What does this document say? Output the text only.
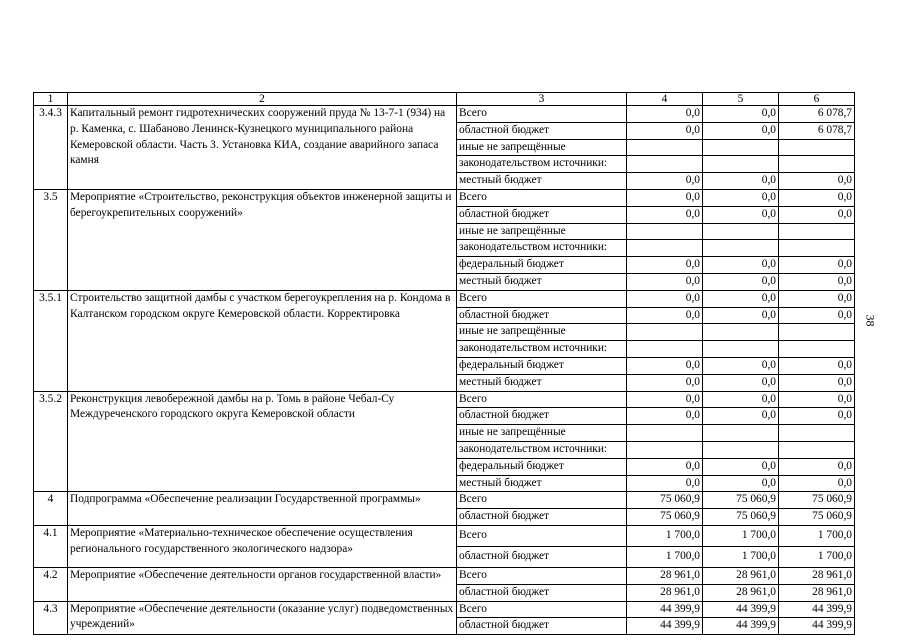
1	2	3	4	5	6
3.4.3	Капитальный ремонт гидротехнических сооружений пруда № 13-7-1 (934) на р. Каменка, с. Шабаново Ленинск-Кузнецкого муниципального района Кемеровской области. Часть 3. Установка КИА, создание аварийного запаса камня	Всего	0,0	0,0	6 078,7
		областной бюджет	0,0	0,0	6 078,7
		иные не запрещённые			
		законодательством источники:			
		местный бюджет	0,0	0,0	0,0
3.5	Мероприятие «Строительство, реконструкция объектов инженерной защиты и берегоукрепительных сооружений»	Всего	0,0	0,0	0,0
		областной бюджет	0,0	0,0	0,0
		иные не запрещённые			
		законодательством источники:			
		федеральный бюджет	0,0	0,0	0,0
		местный бюджет	0,0	0,0	0,0
3.5.1	Строительство защитной дамбы с участком берегоукрепления на р. Кондома в Калтанском городском округе Кемеровской области. Корректировка	Всего	0,0	0,0	0,0
		областной бюджет	0,0	0,0	0,0
		иные не запрещённые			
		законодательством источники:			
		федеральный бюджет	0,0	0,0	0,0
		местный бюджет	0,0	0,0	0,0
3.5.2	Реконструкция левобережной дамбы на р. Томь в районе Чебал-Су Междуреченского городского округа Кемеровской области	Всего	0,0	0,0	0,0
		областной бюджет	0,0	0,0	0,0
		иные не запрещённые			
		законодательством источники:			
		федеральный бюджет	0,0	0,0	0,0
		местный бюджет	0,0	0,0	0,0
4	Подпрограмма «Обеспечение реализации Государственной программы»	Всего	75 060,9	75 060,9	75 060,9
		областной бюджет	75 060,9	75 060,9	75 060,9
4.1	Мероприятие «Материально-техническое обеспечение осуществления регионального государственного экологического надзора»	Всего	1 700,0	1 700,0	1 700,0
		областной бюджет	1 700,0	1 700,0	1 700,0
4.2	Мероприятие «Обеспечение деятельности органов государственной власти»	Всего	28 961,0	28 961,0	28 961,0
		областной бюджет	28 961,0	28 961,0	28 961,0
4.3	Мероприятие «Обеспечение деятельности (оказание услуг) подведомственных учреждений»	Всего	44 399,9	44 399,9	44 399,9
		областной бюджет	44 399,9	44 399,9	44 399,9
38
